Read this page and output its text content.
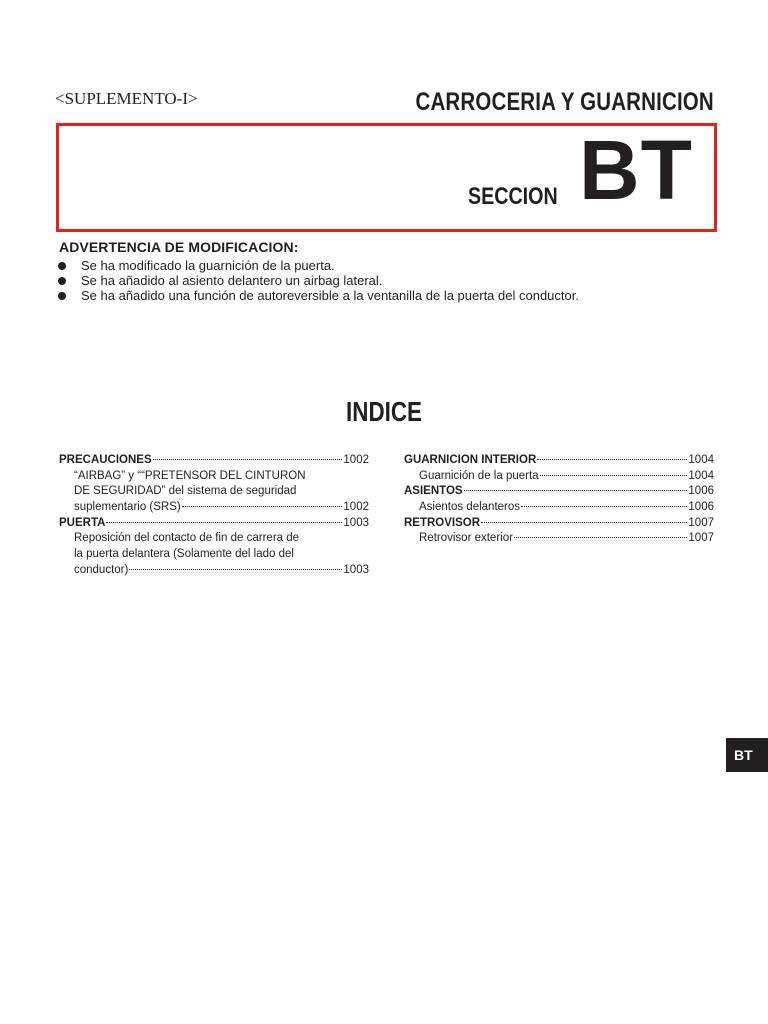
<SUPLEMENTO-I>	CARROCERIA Y GUARNICION
SECCION BT
ADVERTENCIA DE MODIFICACION:
Se ha modificado la guarnición de la puerta.
Se ha añadido al asiento delantero un airbag lateral.
Se ha añadido una función de autoreversible a la ventanilla de la puerta del conductor.
INDICE
PRECAUCIONES	1002
“AIRBAG” y ““PRETENSOR DEL CINTURON
DE SEGURIDAD” del sistema de seguridad
suplementario (SRS)	1002
PUERTA	1003
Reposición del contacto de fin de carrera de
la puerta delantera (Solamente del lado del
conductor)	1003
GUARNICION INTERIOR	1004
Guarnición de la puerta	1004
ASIENTOS	1006
Asientos delanteros	1006
RETROVISOR	1007
Retrovisor exterior	1007
BT
